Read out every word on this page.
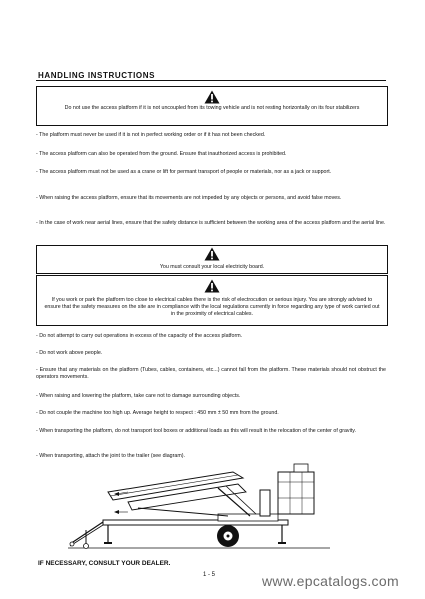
HANDLING INSTRUCTIONS
Do not use the access platform if it is not uncoupled from its towing vehicle and is not resting horizontally on its four stabilizers
- The platform must never be used if it is not in perfect working order or if it has not been checked.
- The access platform can also be operated from the ground. Ensure that inauthorized access is prohibited.
- The access platform must not be used as a crane or lift for permant transport of people or materials, nor as a jack or support.
- When raising the access platform, ensure that its movements are not impeded by any objects or persons, and avoid false moves.
- In the case of work near aerial lines, ensure that the safety distance is sufficient between the working area of the access platform and the aerial line.
You must consult your local electricity board.
If you work or park the platform too close to electrical cables there is the risk of electrocution or serious injury. You are strongly advised to ensure that the safety measures on the site are in compliance with the local regulations currently in force regarding any type of work carried out in the proximity of electrical cables.
- Do not attempt to carry out operations in excess of the capacity of the access platform.
- Do not work above people.
- Ensure that any materials on the platform (Tubes, cables, containers, etc...) cannot fall from the platform. These materials should not obstruct the operators movements.
- When raising and lowering the platform, take care not to damage surrounding objects.
- Do not couple the machine too high up. Average height to respect : 450 mm ± 50 mm from the ground.
- When transporting the platform, do not transport tool boxes or additional loads as this will result in the relocation of the center of gravity.
- When transporting, attach the joint to the trailer (see diagram).
IF NECESSARY, CONSULT YOUR DEALER.
1 - 5	www.epcatalogs.com
